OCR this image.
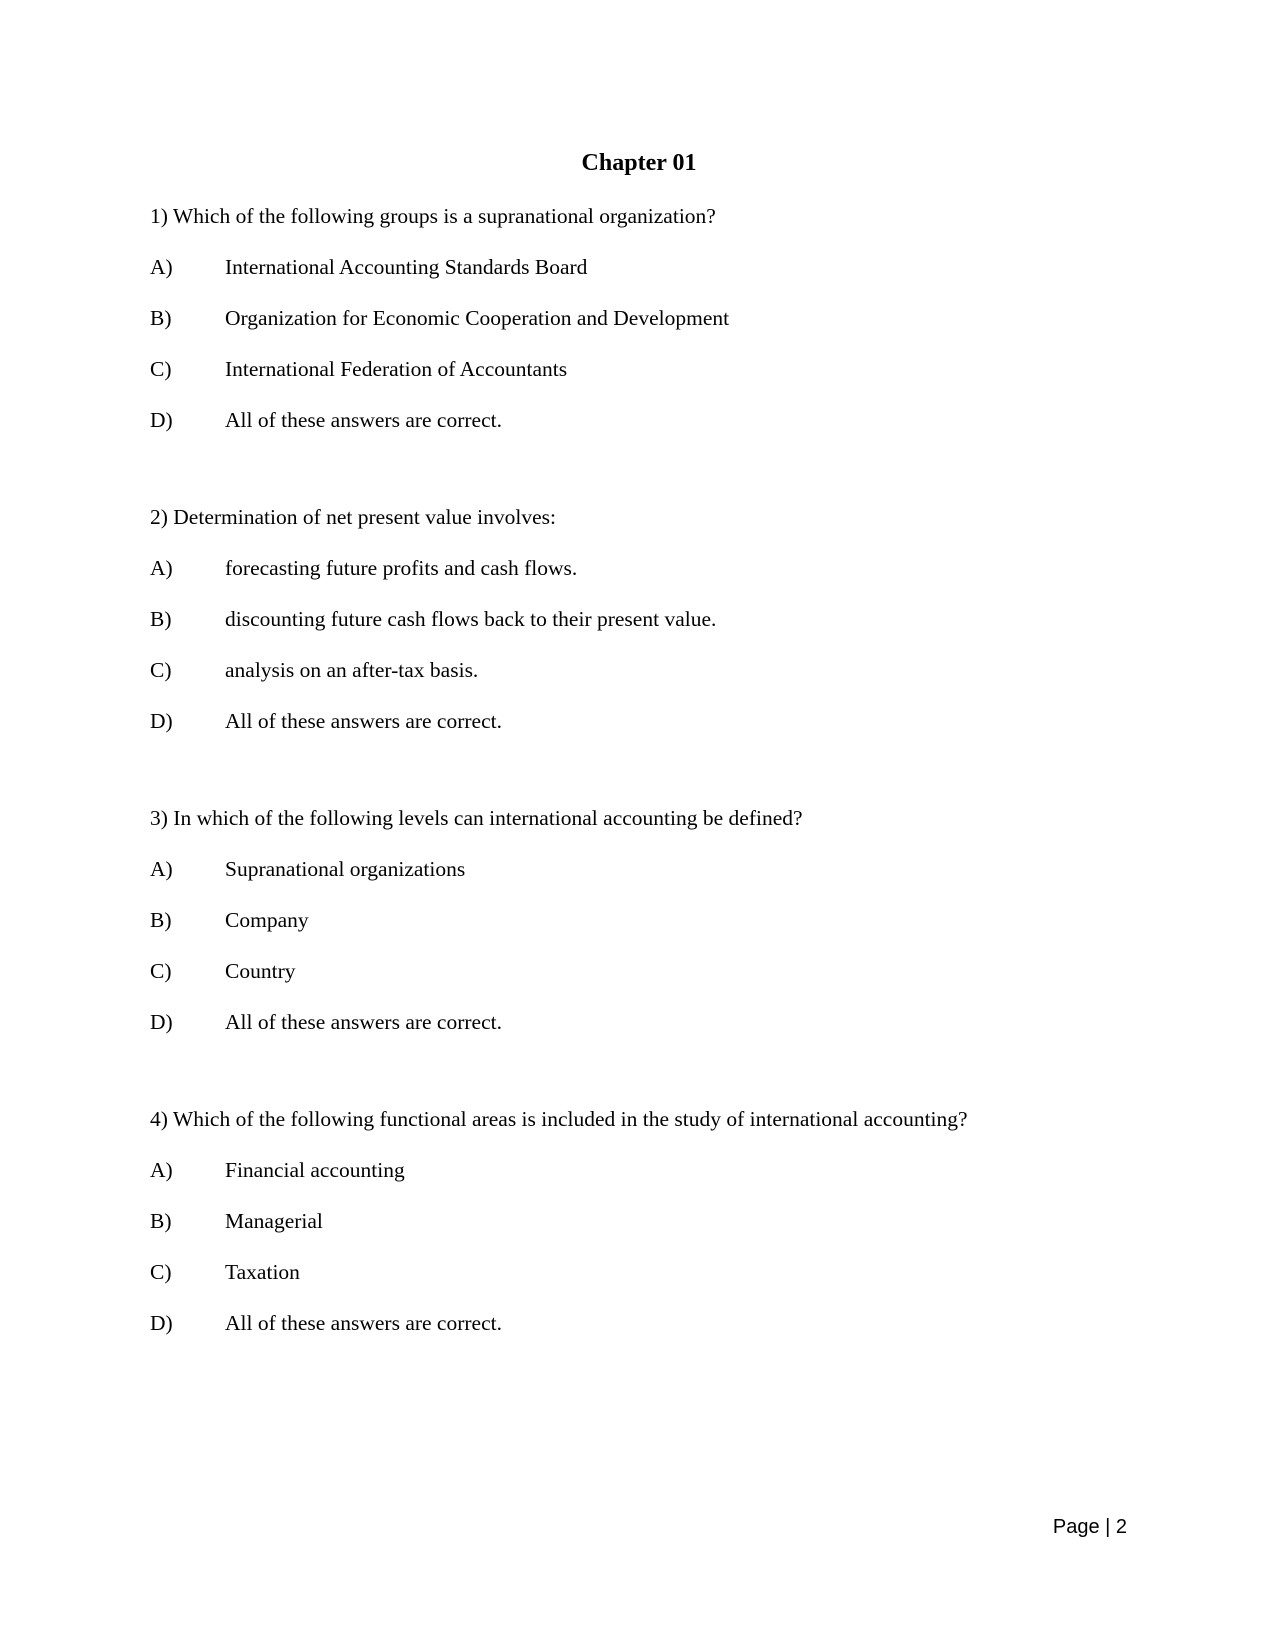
Chapter 01
1) Which of the following groups is a supranational organization?
A) International Accounting Standards Board
B) Organization for Economic Cooperation and Development
C) International Federation of Accountants
D) All of these answers are correct.
2) Determination of net present value involves:
A) forecasting future profits and cash flows.
B) discounting future cash flows back to their present value.
C) analysis on an after-tax basis.
D) All of these answers are correct.
3) In which of the following levels can international accounting be defined?
A) Supranational organizations
B) Company
C) Country
D) All of these answers are correct.
4) Which of the following functional areas is included in the study of international accounting?
A) Financial accounting
B) Managerial
C) Taxation
D) All of these answers are correct.
Page | 2
